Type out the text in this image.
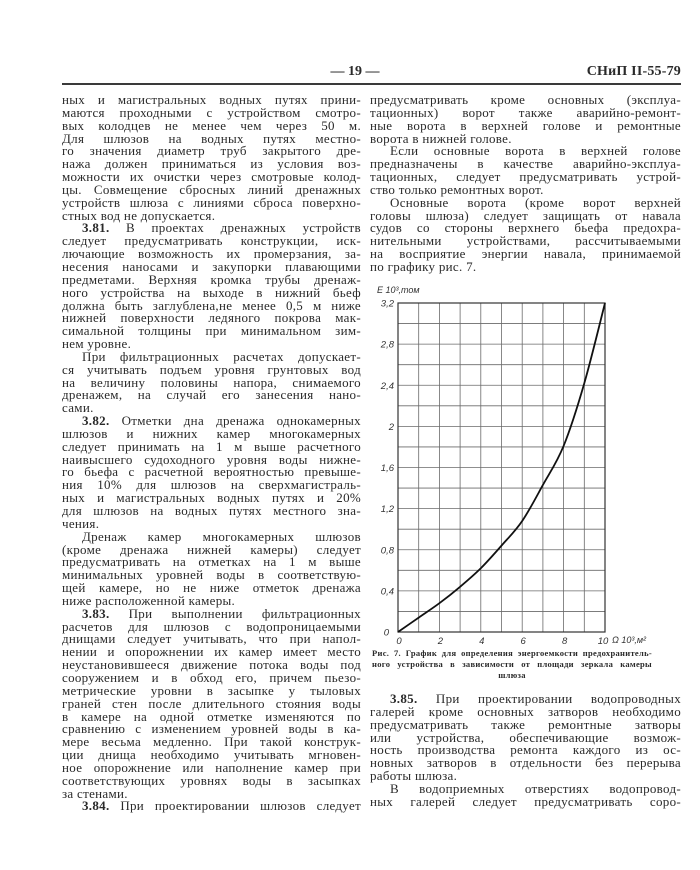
— 19 —	СНиП II-55-79
ных и магистральных водных путях прини-
маются проходными с устройством смотро-
вых колодцев не менее чем через 50 м.
Для шлюзов на водных путях местно-
го значения диаметр труб закрытого дре-
нажа должен приниматься из условия воз-
можности их очистки через смотровые колод-
цы. Совмещение сбросных линий дренажных
устройств шлюза с линиями сброса поверхно-
стных вод не допускается.
3.81. В проектах дренажных устройств
следует предусматривать конструкции, иск-
лючающие возможность их промерзания, за-
несения наносами и закупорки плавающими
предметами. Верхняя кромка трубы дренаж-
ного устройства на выходе в нижний бьеф
должна быть заглублена,не менее 0,5 м ниже
нижней поверхности ледяного покрова мак-
симальной толщины при минимальном зим-
нем уровне.
При фильтрационных расчетах допускает-
ся учитывать подъем уровня грунтовых вод
на величину половины напора, снимаемого
дренажем, на случай его занесения нано-
сами.
3.82. Отметки дна дренажа однокамерных
шлюзов и нижних камер многокамерных
следует принимать на 1 м выше расчетного
наивысшего судоходного уровня воды нижне-
го бьефа с расчетной вероятностью превыше-
ния 10% для шлюзов на сверхмагистраль-
ных и магистральных водных путях и 20%
для шлюзов на водных путях местного зна-
чения.
Дренаж камер многокамерных шлюзов
(кроме дренажа нижней камеры) следует
предусматривать на отметках на 1 м выше
минимальных уровней воды в соответствую-
щей камере, но не ниже отметок дренажа
ниже расположенной камеры.
3.83. При выполнении фильтрационных
расчетов для шлюзов с водопроницаемыми
днищами следует учитывать, что при напол-
нении и опорожнении их камер имеет место
неустановившееся движение потока воды под
сооружением и в обход его, причем пьезо-
метрические уровни в засыпке у тыловых
граней стен после длительного стояния воды
в камере на одной отметке изменяются по
сравнению с изменением уровней воды в ка-
мере весьма медленно. При такой конструк-
ции днища необходимо учитывать мгновен-
ное опорожнение или наполнение камер при
соответствующих уровнях воды в засыпках
за стенами.
3.84. При проектировании шлюзов следует
предусматривать кроме основных (эксплуа-
тационных) ворот также аварийно-ремонт-
ные ворота в верхней голове и ремонтные
ворота в нижней голове.
Если основные ворота в верхней голове
предназначены в качестве аварийно-эксплуа-
тационных, следует предусматривать устрой-
ство только ремонтных ворот.
Основные ворота (кроме ворот верхней
головы шлюза) следует защищать от навала
судов со стороны верхнего бьефа предохра-
нительными устройствами, рассчитываемыми
на восприятие энергии навала, принимаемой
по графику рис. 7.
E 10³,том
Ω 10³,м²
0
0,4
0,8
1,2
1,6
2
2,4
2,8
3,2
0	2	4	6	8	10
Рис. 7. График для определения энергоемкости предохранитель-
ного устройства в зависимости от площади зеркала камеры
шлюза
3.85. При проектировании водопроводных
галерей кроме основных затворов необходимо
предусматривать также ремонтные затворы
или устройства, обеспечивающие возмож-
ность производства ремонта каждого из ос-
новных затворов в отдельности без перерыва
работы шлюза.
В водоприемных отверстиях водопровод-
ных галерей следует предусматривать соро-
